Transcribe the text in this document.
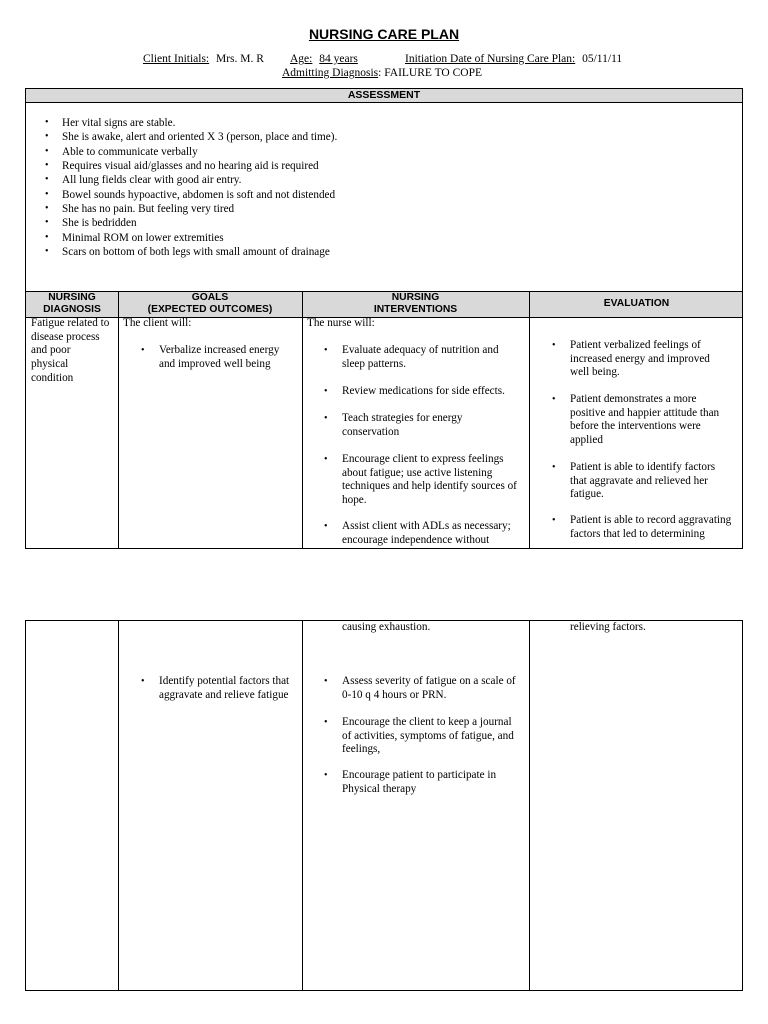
NURSING CARE PLAN
Client Initials: Mrs. M. R Age: 84 years	Initiation Date of Nursing Care Plan: 05/11/11
Admitting Diagnosis: FAILURE TO COPE
ASSESSMENT
• Her vital signs are stable.
• She is awake, alert and oriented X 3 (person, place and time).
• Able to communicate verbally
• Requires visual aid/glasses and no hearing aid is required
• All lung fields clear with good air entry.
• Bowel sounds hypoactive, abdomen is soft and not distended
• She has no pain. But feeling very tired
• She is bedridden
• Minimal ROM on lower extremities
• Scars on bottom of both legs with small amount of drainage
NURSING
DIAGNOSIS
GOALS
(EXPECTED OUTCOMES)
NURSING
INTERVENTIONS
EVALUATION
Fatigue related to
disease process
and poor
physical
condition
The client will:
• Verbalize increased energy
and improved well being
The nurse will:
• Evaluate adequacy of nutrition and
sleep patterns.
• Review medications for side effects.
• Teach strategies for energy
conservation
• Encourage client to express feelings
about fatigue; use active listening
techniques and help identify sources of
hope.
• Assist client with ADLs as necessary;
encourage independence without
• Patient verbalized feelings of
increased energy and improved
well being.
• Patient demonstrates a more
positive and happier attitude than
before the interventions were
applied
• Patient is able to identify factors
that aggravate and relieved her
fatigue.
• Patient is able to record aggravating
factors that led to determining
causing exhaustion.	relieving factors.
• Identify potential factors that
aggravate and relieve fatigue
• Assess severity of fatigue on a scale of
0-10 q 4 hours or PRN.
• Encourage the client to keep a journal
of activities, symptoms of fatigue, and
feelings,
• Encourage patient to participate in
Physical therapy
